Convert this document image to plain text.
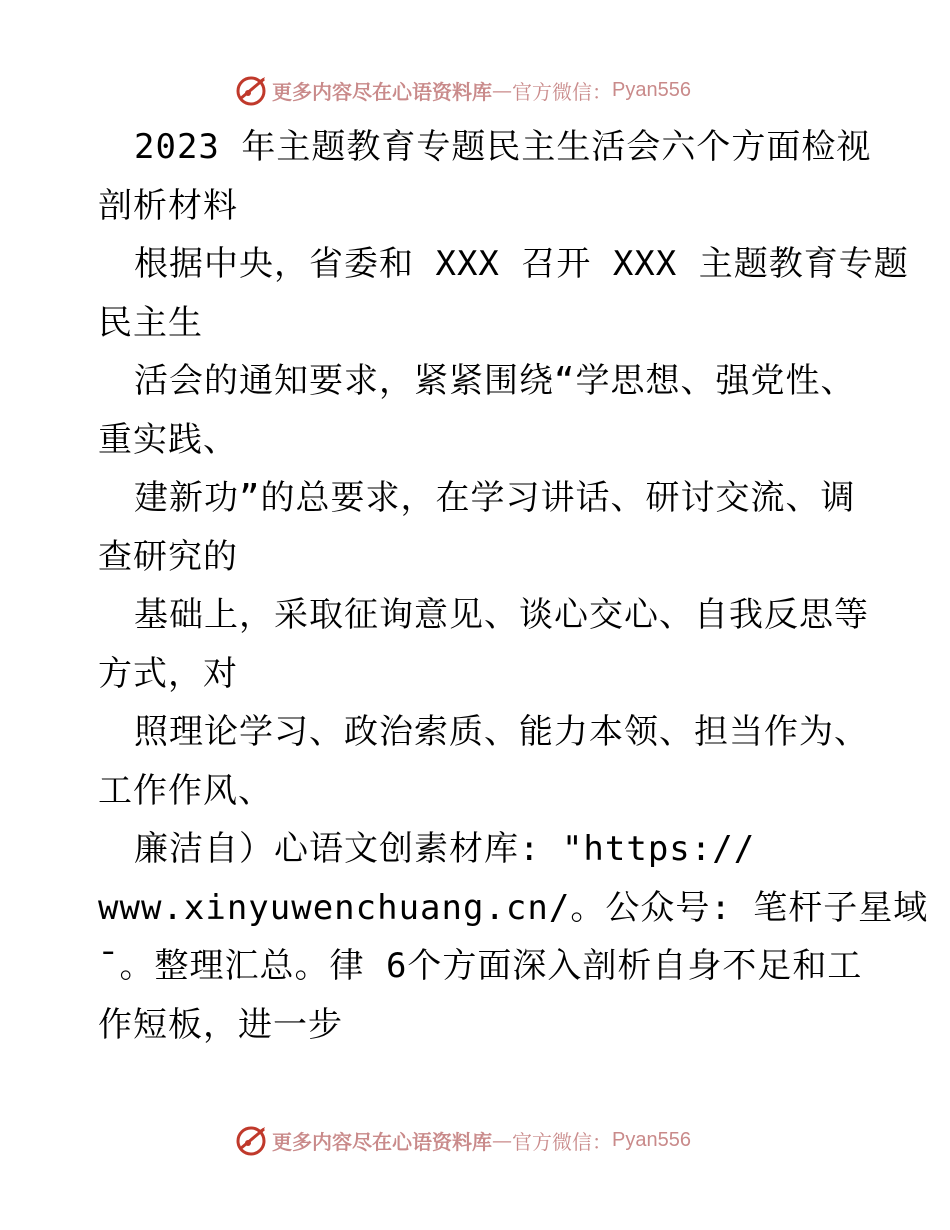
更多内容尽在心语资料库 — 官方微信： Pyan556
2023 年主题教育专题民主生活会六个方面检视
剖析材料
根据中央，省委和 XXX 召开 XXX 主题教育专题
民主生
活会的通知要求，紧紧围绕“学思想、强党性、
重实践、
建新功”的总要求，在学习讲话、研讨交流、调
查研究的
基础上，采取征询意见、谈心交心、自我反思等
方式，对
照理论学习、政治索质、能力本领、担当作为、
工作作风、
廉洁自）心语文创素材库: "https://
www.xinyuwenchuang.cn/。公众号: 笔杆子星域
¯。整理汇总。律 6个方面深入剖析自身不足和工
作短板，进一步
更多内容尽在心语资料库 — 官方微信： Pyan556
